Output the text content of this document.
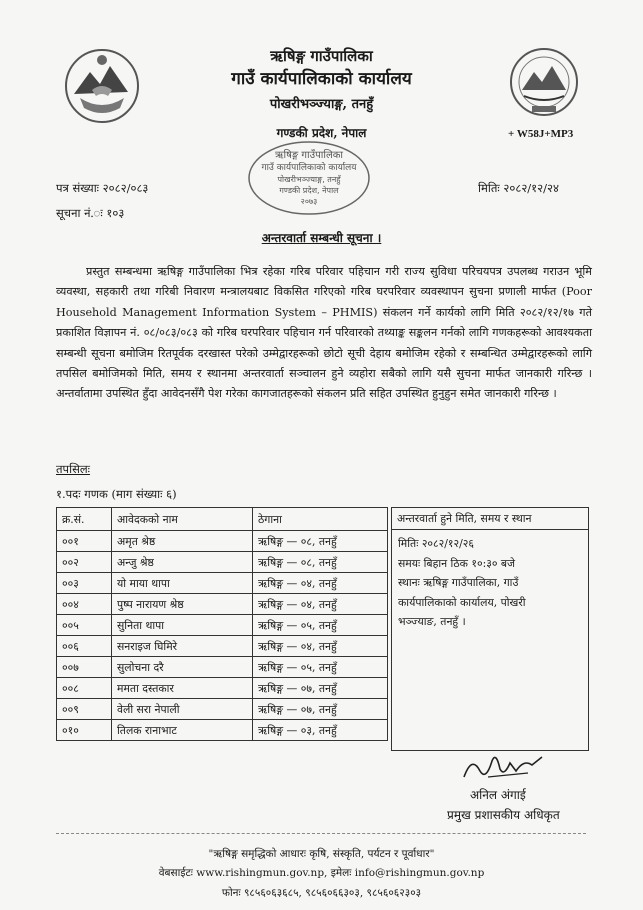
ऋषिङ्ग गाउँपालिका
गाउँ कार्यपालिकाको कार्यालय
पोखरीभञ्ज्याङ्ग, तनहुँ
गण्डकी प्रदेश, नेपाल	+ W58J+MP3
ऋषिङ्ग गाउँपालिका
गाउँ कार्यपालिकाको कार्यालय
पोखरीभञ्ज्याङ्ग, तनहुँ
गण्डकी प्रदेश, नेपाल
२०७३
पत्र संख्याः २०८२/०८३
सूचना नं.ः १०३
मितिः २०८२/१२/२४
अन्तरवार्ता सम्बन्धी सूचना ।

प्रस्तुत सम्बन्धमा ऋषिङ्ग गाउँपालिका भित्र रहेका गरिब परिवार पहिचान गरी राज्य सुविधा परिचयपत्र उपलब्ध गराउन भूमि व्यवस्था, सहकारी तथा गरिबी निवारण मन्त्रालयबाट विकसित गरिएको गरिब घरपरिवार व्यवस्थापन सुचना प्रणाली मार्फत (Poor Household Management Information System – PHMIS) संकलन गर्ने कार्यको लागि मिति २०८२/१२/१७ गते प्रकाशित विज्ञापन नं. ०८/०८३/०८३ को गरिब घरपरिवार पहिचान गर्न परिवारको तथ्याङ्क सङ्कलन गर्नको लागि गणकहरूको आवश्यकता सम्बन्धी सूचना बमोजिम रितपूर्वक दरखास्त परेको उम्मेद्वारहरूको छोटो सूची देहाय बमोजिम रहेको र सम्बन्धित उम्मेद्वारहरूको लागि तपसिल बमोजिमको मिति, समय र स्थानमा अन्तरवार्ता सञ्चालन हुने व्यहोरा सबैको लागि यसै सुचना मार्फत जानकारी गरिन्छ ।अन्तर्वातामा उपस्थित हुँदा आवेदनसँगै पेश गरेका कागजातहरूको संकलन प्रति सहित उपस्थित हुनुहुन समेत जानकारी गरिन्छ ।

तपसिलः
१.पदः गणक (माग संख्याः ६)
क्र.सं.	आवेदकको नाम	ठेगाना
००१	अमृत श्रेष्ठ	ऋषिङ्ग — ०८, तनहुँ
००२	अन्जु श्रेष्ठ	ऋषिङ्ग — ०८, तनहुँ
००३	यो माया थापा	ऋषिङ्ग — ०४, तनहुँ
००४	पुष्प नारायण श्रेष्ठ	ऋषिङ्ग — ०४, तनहुँ
००५	सुनिता थापा	ऋषिङ्ग — ०५, तनहुँ
००६	सनराइज घिमिरे	ऋषिङ्ग — ०४, तनहुँ
००७	सुलोचना दरै	ऋषिङ्ग — ०५, तनहुँ
००८	ममता दस्तकार	ऋषिङ्ग — ०७, तनहुँ
००९	वेली सरा नेपाली	ऋषिङ्ग — ०७, तनहुँ
०१०	तिलक रानाभाट	ऋषिङ्ग — ०३, तनहुँ
अन्तरवार्ता हुने मिति, समय र स्थान
मितिः २०८२/१२/२६
समयः बिहान ठिक १०:३० बजे
स्थानः ऋषिङ्ग गाउँपालिका, गाउँ
कार्यपालिकाको कार्यालय, पोखरी
भञ्ज्याङ, तनहुँ ।
अनिल अंगाई
प्रमुख प्रशासकीय अधिकृत
"ऋषिङ्ग समृद्धिको आधारः कृषि, संस्कृति, पर्यटन र पूर्वाधार"
वेबसाईटः www.rishingmun.gov.np, इमेलः info@rishingmun.gov.np
फोनः ९८५६०६३६८५, ९८५६०६६३०३, ९८५६०६२३०३
